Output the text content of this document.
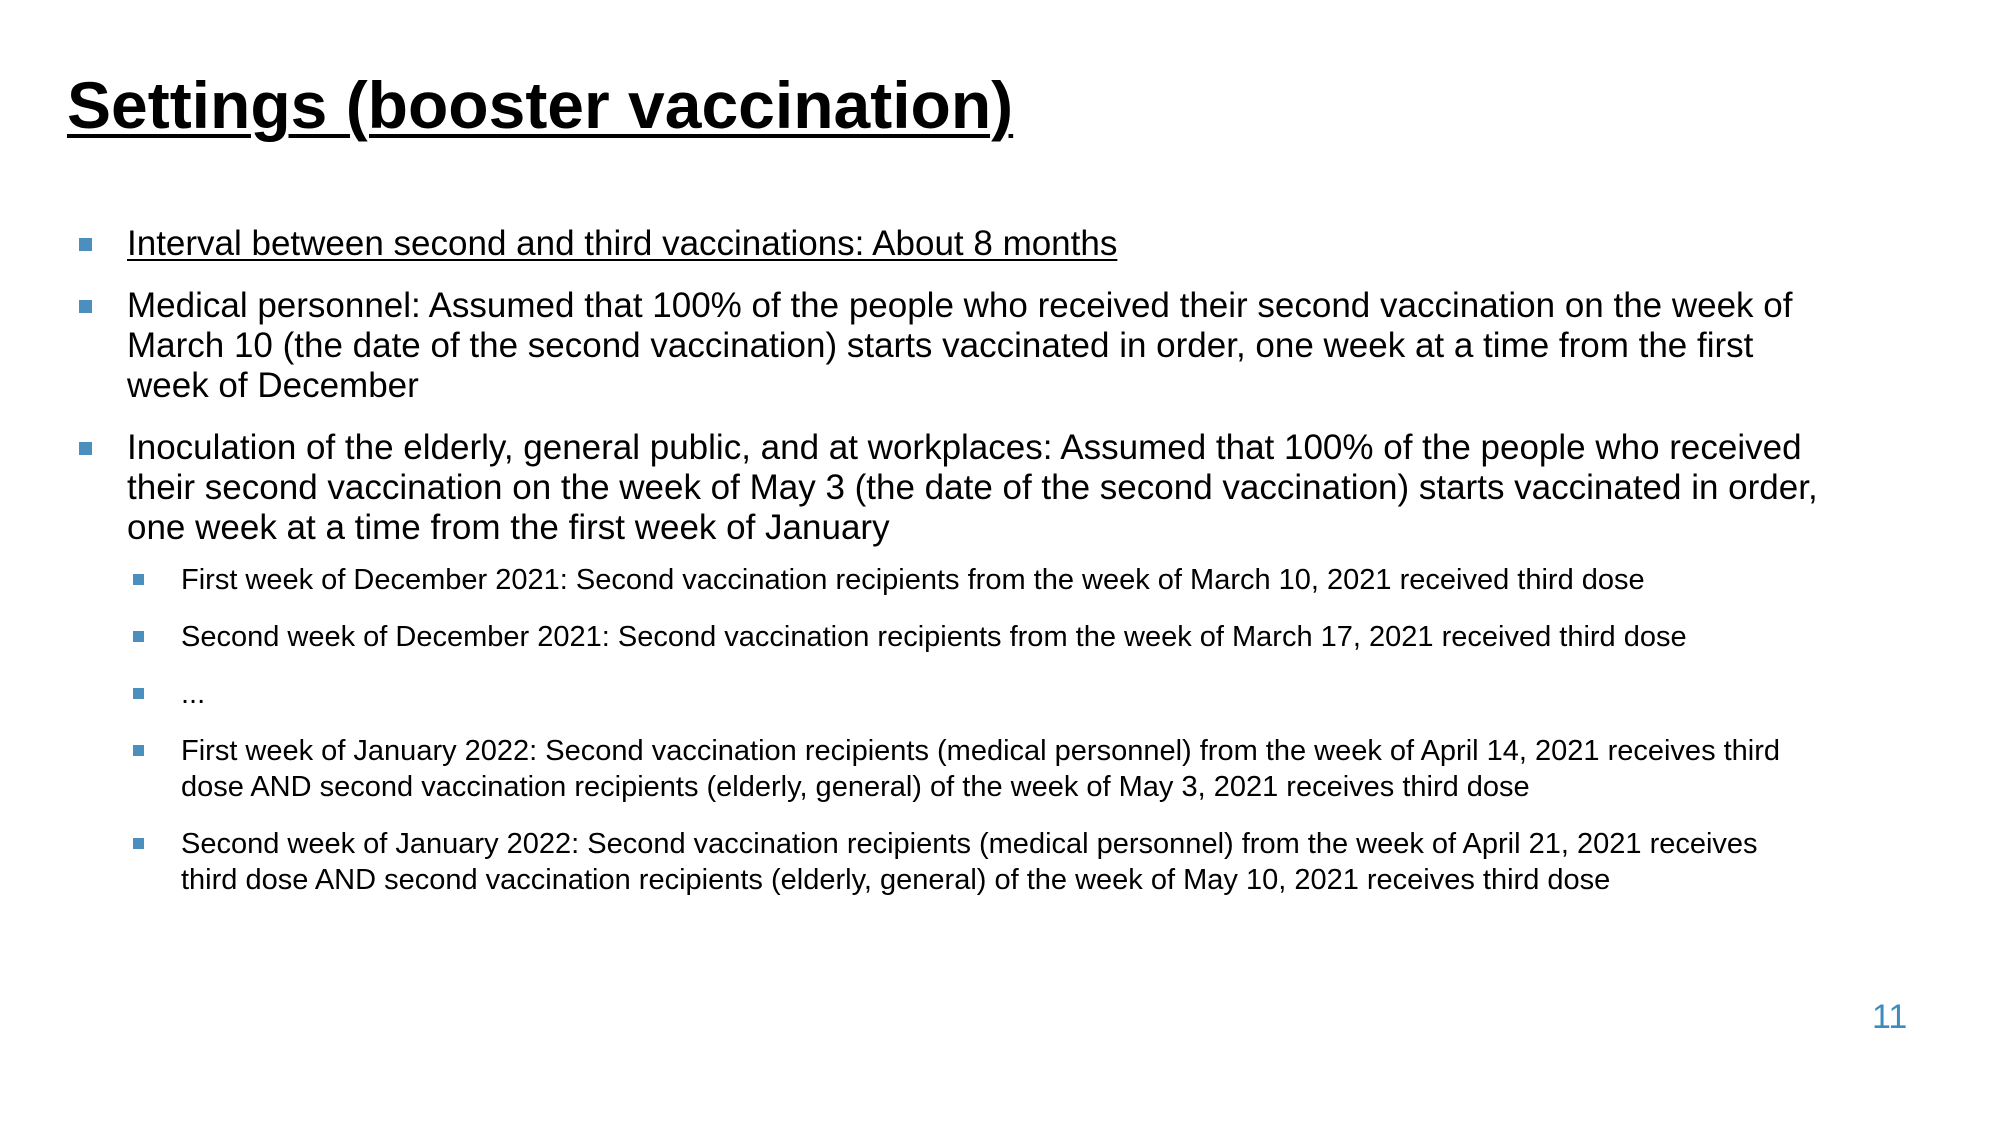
Settings (booster vaccination)
Interval between second and third vaccinations: About 8 months
Medical personnel: Assumed that 100% of the people who received their second vaccination on the week of March 10 (the date of the second vaccination) starts vaccinated in order, one week at a time from the first week of December
Inoculation of the elderly, general public, and at workplaces: Assumed that 100% of the people who received their second vaccination on the week of May 3 (the date of the second vaccination) starts vaccinated in order, one week at a time from the first week of January
First week of December 2021: Second vaccination recipients from the week of March 10, 2021 received third dose
Second week of December 2021: Second vaccination recipients from the week of March 17, 2021 received third dose
...
First week of January 2022: Second vaccination recipients (medical personnel) from the week of April 14, 2021 receives third dose AND second vaccination recipients (elderly, general) of the week of May 3, 2021 receives third dose
Second week of January 2022: Second vaccination recipients (medical personnel) from the week of April 21, 2021 receives third dose AND second vaccination recipients (elderly, general) of the week of May 10, 2021 receives third dose
11
